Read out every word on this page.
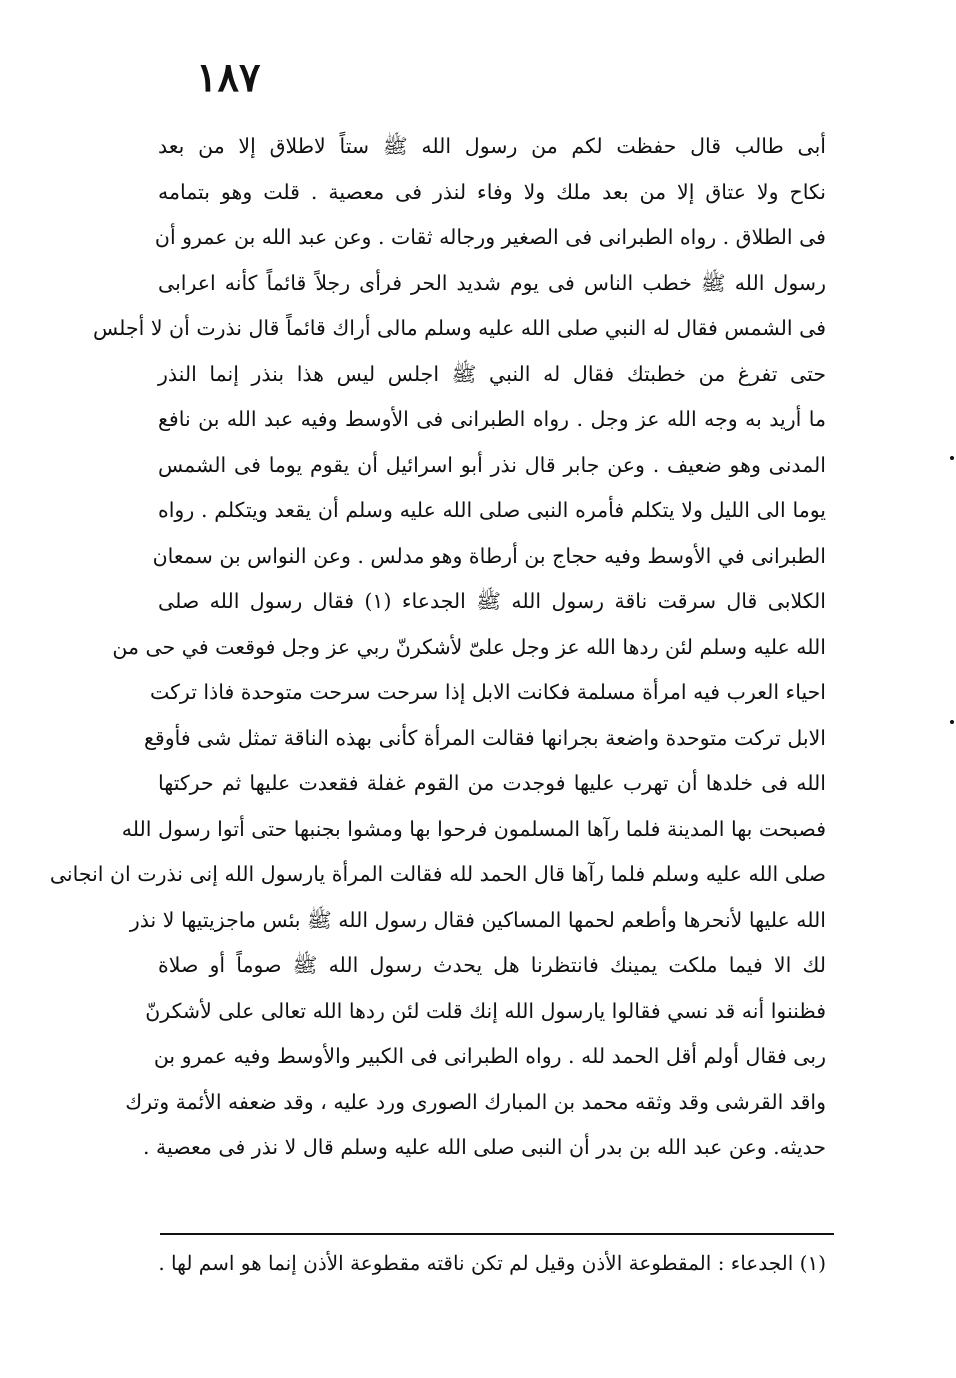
١٨٧
أبى طالب قال حفظت لكم من رسول الله ﷺ ستاً لاطلاق إلا من بعد
نكاح ولا عتاق إلا من بعد ملك ولا وفاء لنذر فى معصية . قلت وهو بتمامه
فى الطلاق . رواه الطبرانى فى الصغير ورجاله ثقات . وعن عبد الله بن عمرو أن
رسول الله ﷺ خطب الناس فى يوم شديد الحر فرأى رجلاً قائماً كأنه اعرابى
فى الشمس فقال له النبي صلى الله عليه وسلم مالى أراك قائماً قال نذرت أن لا أجلس
حتى تفرغ من خطبتك فقال له النبي ﷺ اجلس ليس هذا بنذر إنما النذر
ما أريد به وجه الله عز وجل . رواه الطبرانى فى الأوسط وفيه عبد الله بن نافع
المدنى وهو ضعيف . وعن جابر قال نذر أبو اسرائيل أن يقوم يوما فى الشمس
يوما الى الليل ولا يتكلم فأمره النبى صلى الله عليه وسلم أن يقعد ويتكلم . رواه
الطبرانى في الأوسط وفيه حجاج بن أرطاة وهو مدلس . وعن النواس بن سمعان
الكلابى قال سرقت ناقة رسول الله ﷺ الجدعاء (١) فقال رسول الله صلى
الله عليه وسلم لئن ردها الله عز وجل علىّ لأشكرنّ ربي عز وجل فوقعت في حى من
احياء العرب فيه امرأة مسلمة فكانت الابل إذا سرحت سرحت متوحدة فاذا تركت
الابل تركت متوحدة واضعة بجرانها فقالت المرأة كأنى بهذه الناقة تمثل شى فأوقع
الله فى خلدها أن تهرب عليها فوجدت من القوم غفلة فقعدت عليها ثم حركتها
فصبحت بها المدينة فلما رآها المسلمون فرحوا بها ومشوا بجنبها حتى أتوا رسول الله
صلى الله عليه وسلم فلما رآها قال الحمد لله فقالت المرأة يارسول الله إنى نذرت ان انجانى
الله عليها لأنحرها وأطعم لحمها المساكين فقال رسول الله ﷺ بئس ماجزيتيها لا نذر
لك الا فيما ملكت يمينك فانتظرنا هل يحدث رسول الله ﷺ صوماً أو صلاة
فظننوا أنه قد نسي فقالوا يارسول الله إنك قلت لئن ردها الله تعالى على لأشكرنّ
ربى فقال أولم أقل الحمد لله . رواه الطبرانى فى الكبير والأوسط وفيه عمرو بن
واقد القرشى وقد وثقه محمد بن المبارك الصورى ورد عليه ، وقد ضعفه الأئمة وترك
حديثه. وعن عبد الله بن بدر أن النبى صلى الله عليه وسلم قال لا نذر فى معصية .
(١) الجدعاء : المقطوعة الأذن وقيل لم تكن ناقته مقطوعة الأذن إنما هو اسم لها .
